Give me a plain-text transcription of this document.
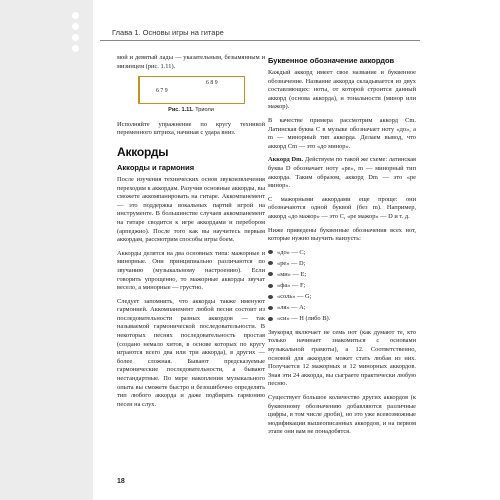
Глава 1. Основы игры на гитаре

мой и девятый лады — указательным, безымянным и мизинцем (рис. 1.11).

6 7 9
6 8 9
Рис. 1.11. Триоли

Исполняйте упражнение по кругу техникой переменного штриха, начиная с удара вниз.

Аккорды
Аккорды и гармония

После изучения технических основ звукоизвлечения переходим к аккордам. Разучив основные аккорды, вы сможете аккомпанировать на гитаре. Аккомпанемент — это поддержка вокальных партий игрой на инструменте. В большинстве случаев аккомпанемент на гитаре сводится к игре аккордами и перебором (арпеджио). После того как вы научитесь первым аккордам, рассмотрим способы игры боем.

Аккорды делятся на два основных типа: мажорные и минорные. Они принципиально различаются по звучанию (музыкальному настроению). Если говорить упрощенно, то мажорные аккорды звучат весело, а минорные — грустно.

Следует запомнить, что аккорды также именуют гармонией. Аккомпанемент любой песни состоит из последовательности разных аккордов — так называемой гармонической последовательности. В некоторых песнях последовательность простая (создано немало хитов, в основе которых по кругу играются всего два или три аккорда), в других — более сложная. Бывают предсказуемые гармонические последовательности, а бывают нестандартные. По мере накопления музыкального опыта вы сможете быстро и безошибочно определять тип любого аккорда и даже подбирать гармонию песен на слух.

Буквенное обозначение аккордов

Каждый аккорд имеет свое название и буквенное обозначение. Название аккорда складывается из двух составляющих: ноты, от которой строится данный аккорд (основа аккорда), и тональности (минор или мажор).

В качестве примера рассмотрим аккорд Cm. Латинская буква С в музыке обозначает ноту «до», а m — минорный тип аккорда. Делаем вывод, что аккорд Cm — это «до минор».

Аккорд Dm. Действуем по такой же схеме: латинская буква D обозначает ноту «ре», m — минорный тип аккорда. Таким образом, аккорд Dm — это «ре минор».

С мажорными аккордами еще проще: они обозначаются одной буквой (без m). Например, аккорд «до мажор» — это С, «ре мажор» — D и т. д.

Ниже приведены буквенные обозначения всех нот, которые нужно выучить наизусть:

«до» — С;
«ре» — D;
«ми» — E;
«фа» — F;
«соль» — G;
«ля» — A;
«си» — H (либо B).

Звукоряд включает не семь нот (как думают те, кто только начинает знакомиться с основами музыкальной грамоты), а 12. Соответственно, основой для аккордов может стать любая из них. Получается 12 мажорных и 12 минорных аккордов. Зная эти 24 аккорда, вы сыграете практически любую песню.

Существует большое количество других аккордов (к буквенному обозначению добавляются различные цифры, в том числе дроби), но это уже всевозможные модификации вышеописанных аккордов, и на первом этапе они вам не понадобятся.

18
